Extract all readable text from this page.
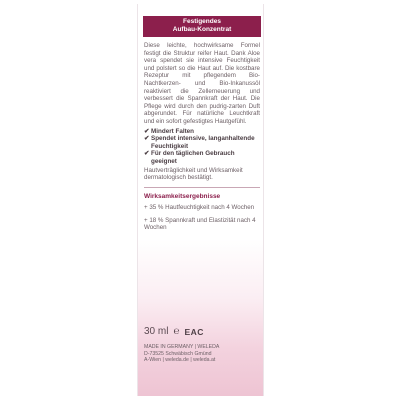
Festigendes
Aufbau-Konzentrat

Diese leichte, hochwirksame Formel festigt die Struktur reifer Haut. Dank Aloe vera spendet sie intensive Feuchtigkeit und polstert so die Haut auf. Die kostbare Rezeptur mit pflegendem Bio-Nachtkerzen- und Bio-Inkanussöl reaktiviert die Zellerneuerung und verbessert die Spannkraft der Haut. Die Pflege wird durch den pudrig-zarten Duft abgerundet. Für natürliche Leuchtkraft und ein sofort gefestigtes Hautgefühl.

✔ Mindert Falten
✔ Spendet intensive, langanhaltende Feuchtigkeit
✔ Für den täglichen Gebrauch geeignet

Hautverträglichkeit und Wirksamkeit dermatologisch bestätigt.

Wirksamkeitsergebnisse

+ 35 % Hautfeuchtigkeit nach 4 Wochen

+ 18 % Spannkraft und Elastizität nach 4 Wochen

30 ml ℮ EAC
MADE IN GERMANY | WELEDA
D-73525 Schwäbisch Gmünd
A-Wien | weleda.de | weleda.at
